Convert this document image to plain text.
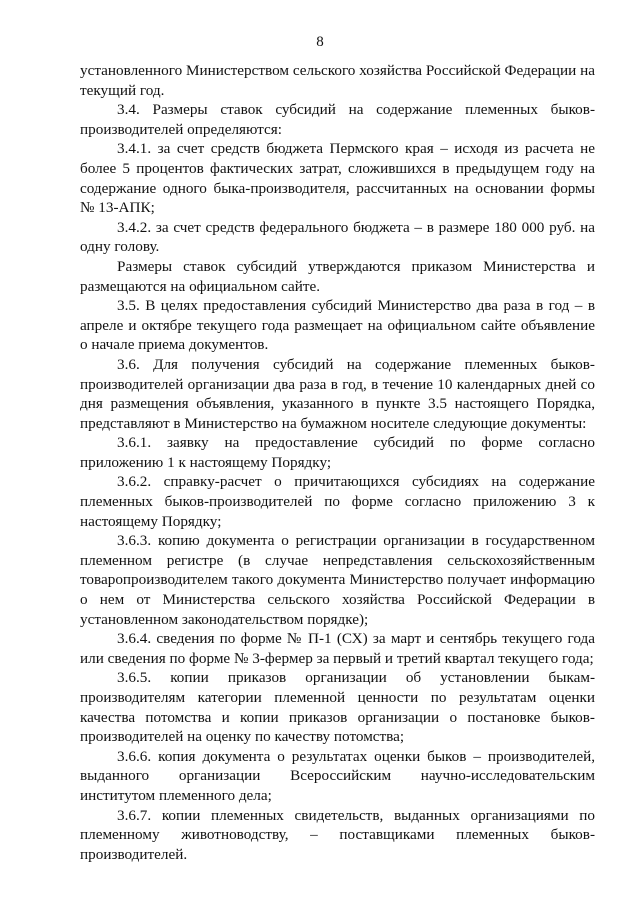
8

установленного Министерством сельского хозяйства Российской Федерации на текущий год.

3.4. Размеры ставок субсидий на содержание племенных быков-производителей определяются:

3.4.1. за счет средств бюджета Пермского края – исходя из расчета не более 5 процентов фактических затрат, сложившихся в предыдущем году на содержание одного быка-производителя, рассчитанных на основании формы № 13-АПК;

3.4.2. за счет средств федерального бюджета – в размере 180 000 руб. на одну голову.

Размеры ставок субсидий утверждаются приказом Министерства и размещаются на официальном сайте.

3.5. В целях предоставления субсидий Министерство два раза в год – в апреле и октябре текущего года размещает на официальном сайте объявление о начале приема документов.

3.6. Для получения субсидий на содержание племенных быков-производителей организации два раза в год, в течение 10 календарных дней со дня размещения объявления, указанного в пункте 3.5 настоящего Порядка, представляют в Министерство на бумажном носителе следующие документы:

3.6.1. заявку на предоставление субсидий по форме согласно приложению 1 к настоящему Порядку;

3.6.2. справку-расчет о причитающихся субсидиях на содержание племенных быков-производителей по форме согласно приложению 3 к настоящему Порядку;

3.6.3. копию документа о регистрации организации в государственном племенном регистре (в случае непредставления сельскохозяйственным товаропроизводителем такого документа Министерство получает информацию о нем от Министерства сельского хозяйства Российской Федерации в установленном законодательством порядке);

3.6.4. сведения по форме № П-1 (СХ) за март и сентябрь текущего года или сведения по форме № 3-фермер за первый и третий квартал текущего года;

3.6.5. копии приказов организации об установлении быкам-производителям категории племенной ценности по результатам оценки качества потомства и копии приказов организации о постановке быков-производителей на оценку по качеству потомства;

3.6.6. копия документа о результатах оценки быков – производителей, выданного организации Всероссийским научно-исследовательским институтом племенного дела;

3.6.7. копии племенных свидетельств, выданных организациями по племенному животноводству, – поставщиками племенных быков-производителей.
